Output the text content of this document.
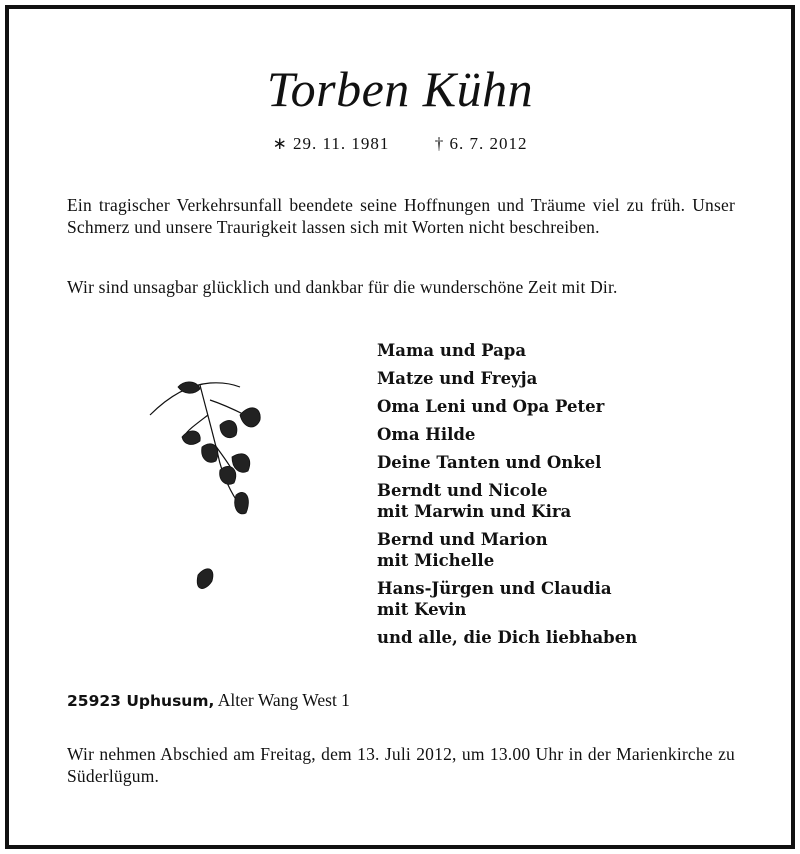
Torben Kühn
∗ 29. 11. 1981	† 6. 7. 2012
Ein tragischer Verkehrsunfall beendete seine Hoffnungen und Träume viel zu früh. Unser Schmerz und unsere Traurigkeit lassen sich mit Worten nicht beschreiben.
Wir sind unsagbar glücklich und dankbar für die wunderschöne Zeit mit Dir.
Mama und Papa
Matze und Freyja
Oma Leni und Opa Peter
Oma Hilde
Deine Tanten und Onkel
Berndt und Nicole
mit Marwin und Kira
Bernd und Marion
mit Michelle
Hans-Jürgen und Claudia
mit Kevin
und alle, die Dich liebhaben
25923 Uphusum, Alter Wang West 1
Wir nehmen Abschied am Freitag, dem 13. Juli 2012, um 13.00 Uhr in der Marienkirche zu Süderlügum.
